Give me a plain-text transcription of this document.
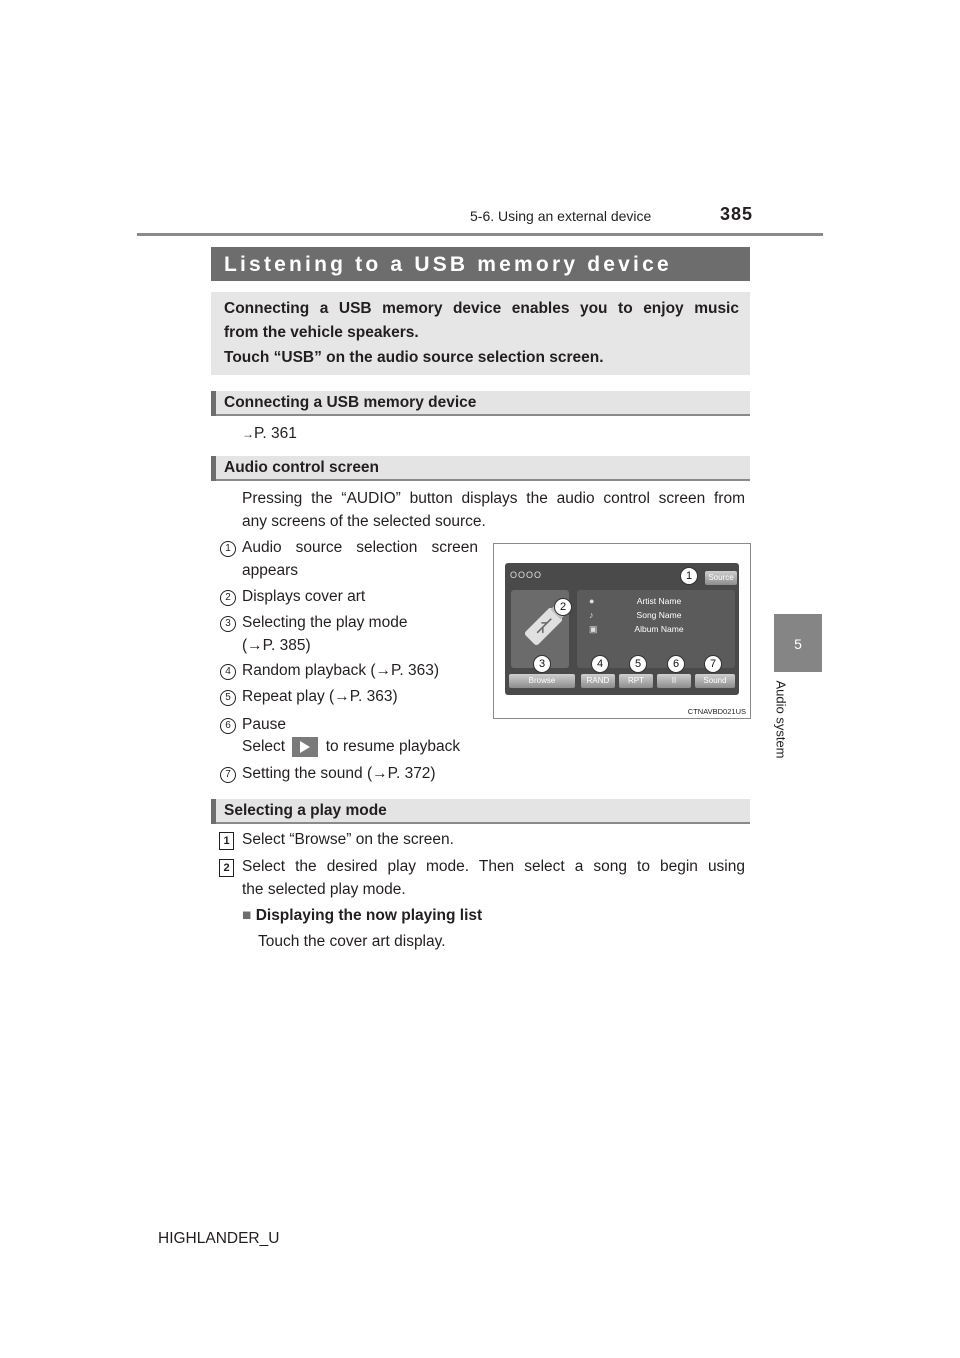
5-6. Using an external device	385
5
Audio system
Listening to a USB memory device

Connecting a USB memory device enables you to enjoy music

from the vehicle speakers.

Touch “USB” on the audio source selection screen.

Connecting a USB memory device
→P. 361
Audio control screen
Pressing the “AUDIO” button displays the audio control screen from
any screens of the selected source.
1 Audio source selection screen
appears
2 Displays cover art
3 Selecting the play mode
(→P. 385)
4 Random playback (→P. 363)
5 Repeat play (→P. 363)
6 Pause
Select	to resume playback
7 Setting the sound (→P. 372)
OOOO
●	Artist Name
♪	Song Name
▣	Album Name
Source
Browse	RAND	RPT	II	Sound
1
2
3	4	5	6	7
CTNAVBD021US
Selecting a play mode
1 Select “Browse” on the screen.
2 Select the desired play mode. Then select a song to begin using
the selected play mode.
■ Displaying the now playing list
Touch the cover art display.
HIGHLANDER_U
